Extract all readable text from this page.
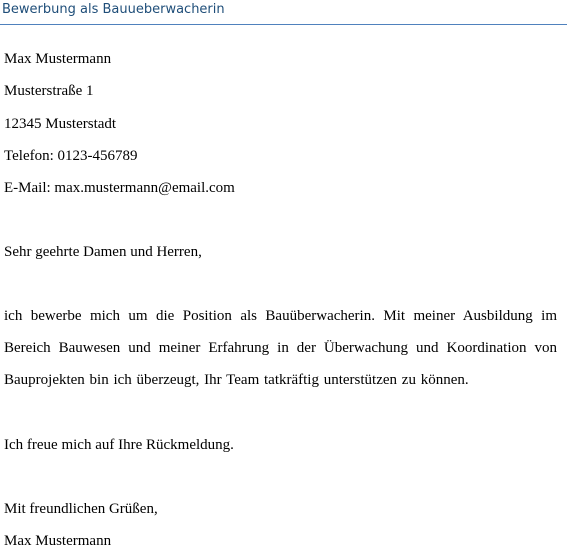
Bewerbung als Bauueberwacherin
Max Mustermann
Musterstraße 1
12345 Musterstadt
Telefon: 0123-456789
E-Mail: max.mustermann@email.com
Sehr geehrte Damen und Herren,
ich bewerbe mich um die Position als Bauüberwacherin. Mit meiner Ausbildung im Bereich Bauwesen und meiner Erfahrung in der Überwachung und Koordination von Bauprojekten bin ich überzeugt, Ihr Team tatkräftig unterstützen zu können.
Ich freue mich auf Ihre Rückmeldung.
Mit freundlichen Grüßen,
Max Mustermann
